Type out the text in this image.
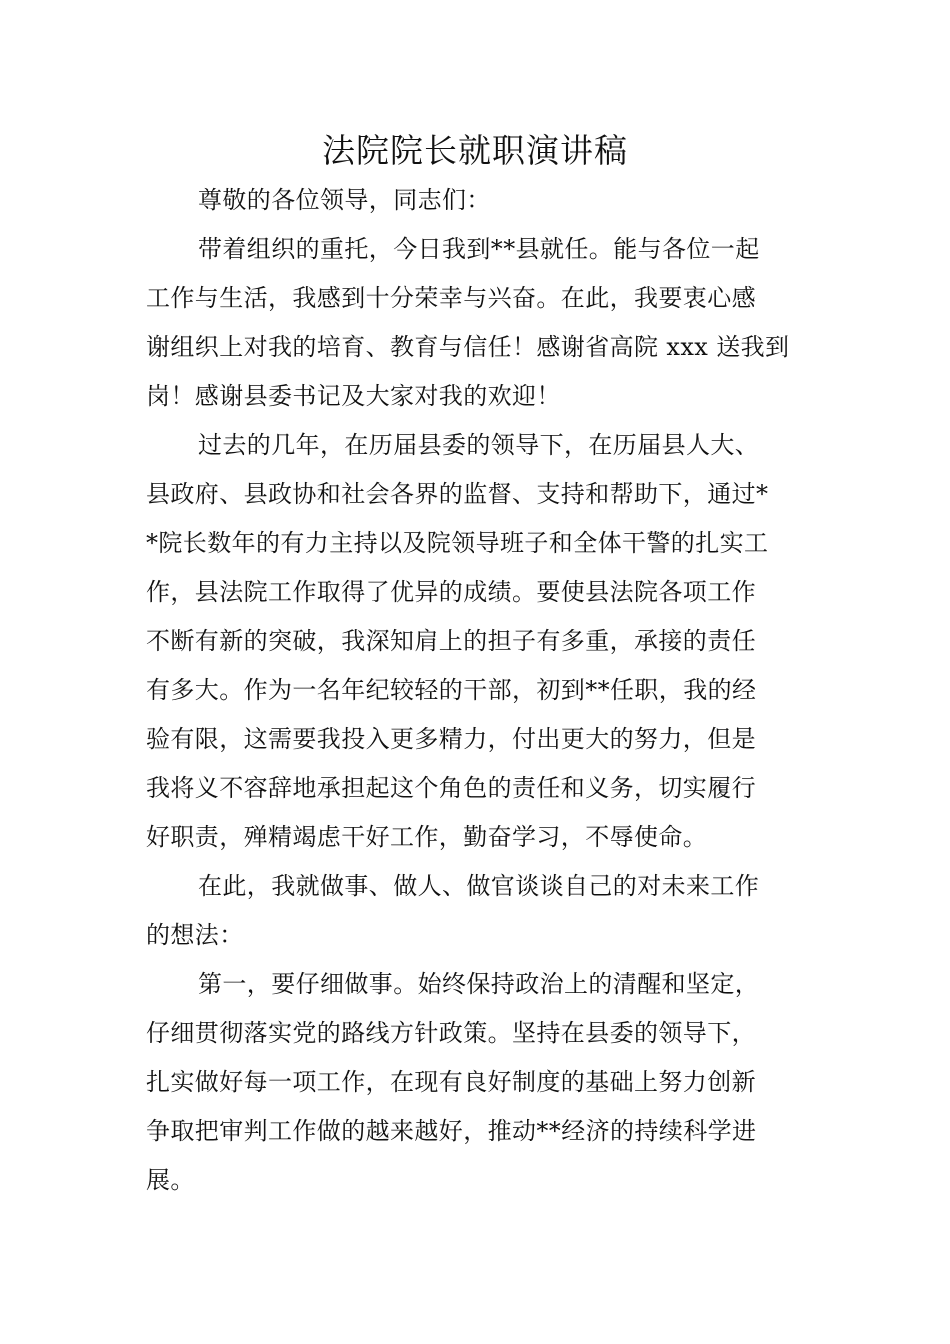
法院院长就职演讲稿

尊敬的各位领导，同志们：

带着组织的重托，今日我到**县就任。能与各位一起
工作与生活，我感到十分荣幸与兴奋。在此，我要衷心感
谢组织上对我的培育、教育与信任！感谢省高院 xxx 送我到
岗！感谢县委书记及大家对我的欢迎！

过去的几年，在历届县委的领导下，在历届县人大、
县政府、县政协和社会各界的监督、支持和帮助下，通过*
*院长数年的有力主持以及院领导班子和全体干警的扎实工
作，县法院工作取得了优异的成绩。要使县法院各项工作
不断有新的突破，我深知肩上的担子有多重，承接的责任
有多大。作为一名年纪较轻的干部，初到**任职，我的经
验有限，这需要我投入更多精力，付出更大的努力，但是
我将义不容辞地承担起这个角色的责任和义务，切实履行
好职责，殚精竭虑干好工作，勤奋学习，不辱使命。

在此，我就做事、做人、做官谈谈自己的对未来工作
的想法：

第一，要仔细做事。始终保持政治上的清醒和坚定，
仔细贯彻落实党的路线方针政策。坚持在县委的领导下，
扎实做好每一项工作，在现有良好制度的基础上努力创新
争取把审判工作做的越来越好，推动**经济的持续科学进
展。
